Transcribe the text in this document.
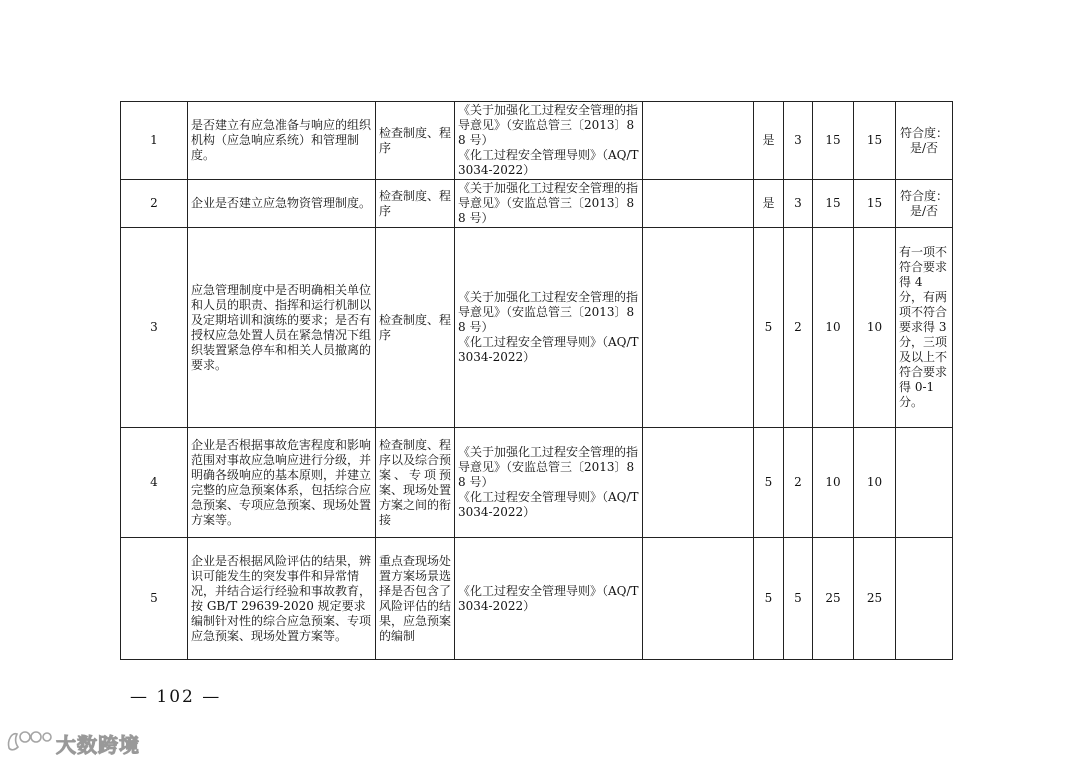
1	是否建立有应急准备与响应的组织机构（应急响应系统）和管理制度。	检查制度、程序	《关于加强化工过程安全管理的指导意见》（安监总管三〔2013〕88 号）
《化工过程安全管理导则》（AQ/T3034-2022）		是	3	15	15	符合度：是/否
2	企业是否建立应急物资管理制度。	检查制度、程序	《关于加强化工过程安全管理的指导意见》（安监总管三〔2013〕88 号）		是	3	15	15	符合度：是/否
3	应急管理制度中是否明确相关单位和人员的职责、指挥和运行机制以及定期培训和演练的要求；是否有授权应急处置人员在紧急情况下组织装置紧急停车和相关人员撤离的要求。	检查制度、程序	《关于加强化工过程安全管理的指导意见》（安监总管三〔2013〕88 号）
《化工过程安全管理导则》（AQ/T3034-2022）		5	2	10	10	有一项不符合要求得 4 分，有两项不符合要求得 3 分，三项及以上不符合要求得 0-1 分。
4	企业是否根据事故危害程度和影响范围对事故应急响应进行分级，并明确各级响应的基本原则，并建立完整的应急预案体系，包括综合应急预案、专项应急预案、现场处置方案等。	检查制度、程序以及综合预案、专项预案、现场处置方案之间的衔接	《关于加强化工过程安全管理的指导意见》（安监总管三〔2013〕88 号）
《化工过程安全管理导则》（AQ/T3034-2022）		5	2	10	10	
5	企业是否根据风险评估的结果，辨识可能发生的突发事件和异常情况，并结合运行经验和事故教育，按 GB/T 29639-2020 规定要求编制针对性的综合应急预案、专项应急预案、现场处置方案等。	重点查现场处置方案场景选择是否包含了风险评估的结果，应急预案的编制	《化工过程安全管理导则》（AQ/T3034-2022）		5	5	25	25	
— 102 —
大数跨境
